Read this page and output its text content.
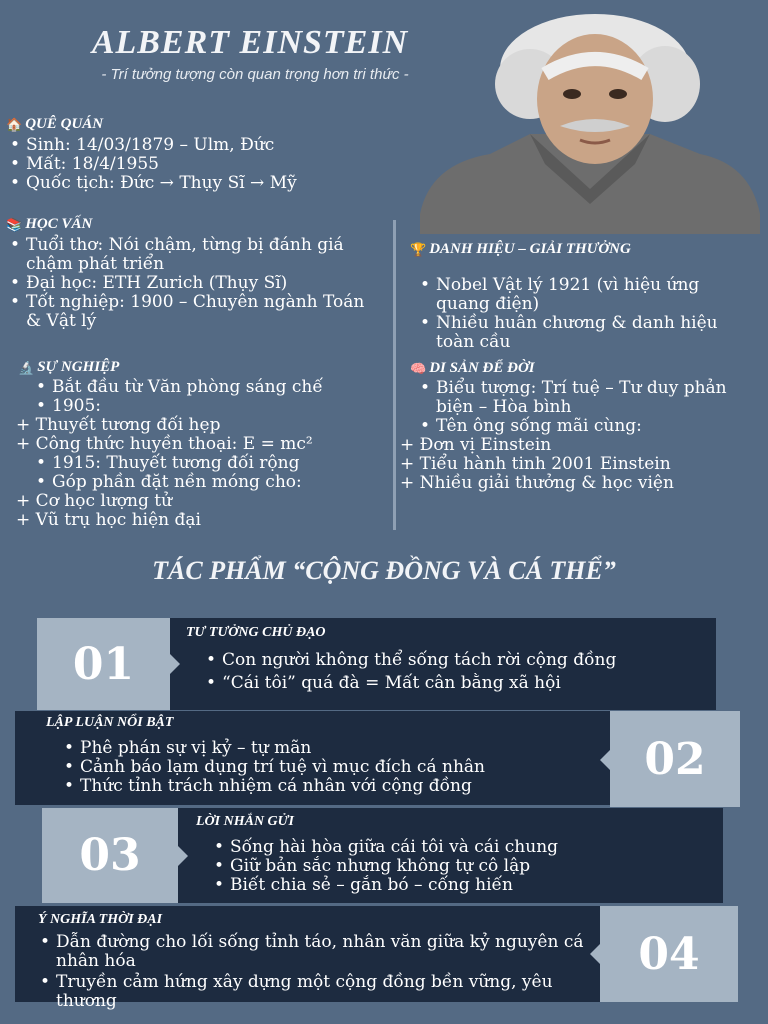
ALBERT EINSTEIN
- Trí tưởng tượng còn quan trọng hơn tri thức -
🏠 QUÊ QUÁN
• Sinh: 14/03/1879 – Ulm, Đức
• Mất: 18/4/1955
• Quốc tịch: Đức → Thụy Sĩ → Mỹ
📚 HỌC VẤN
• Tuổi thơ: Nói chậm, từng bị đánh giá chậm phát triển
• Đại học: ETH Zurich (Thụy Sĩ)
• Tốt nghiệp: 1900 – Chuyên ngành Toán & Vật lý
🔬 SỰ NGHIỆP
• Bắt đầu từ Văn phòng sáng chế
• 1905:
+ Thuyết tương đối hẹp
+ Công thức huyền thoại: E = mc²
• 1915: Thuyết tương đối rộng
• Góp phần đặt nền móng cho:
+ Cơ học lượng tử
+ Vũ trụ học hiện đại
🏆 DANH HIỆU – GIẢI THƯỞNG
• Nobel Vật lý 1921 (vì hiệu ứng quang điện)
• Nhiều huân chương & danh hiệu toàn cầu
🧠 DI SẢN ĐỂ ĐỜI
• Biểu tượng: Trí tuệ – Tư duy phản biện – Hòa bình
• Tên ông sống mãi cùng:
+ Đơn vị Einstein
+ Tiểu hành tinh 2001 Einstein
+ Nhiều giải thưởng & học viện
TÁC PHẨM “CỘNG ĐỒNG VÀ CÁ THỂ”
01
TƯ TƯỞNG CHỦ ĐẠO
• Con người không thể sống tách rời cộng đồng
• “Cái tôi” quá đà = Mất cân bằng xã hội
02
LẬP LUẬN NỔI BẬT
• Phê phán sự vị kỷ – tự mãn
• Cảnh báo lạm dụng trí tuệ vì mục đích cá nhân
• Thức tỉnh trách nhiệm cá nhân với cộng đồng
03
LỜI NHẮN GỬI
• Sống hài hòa giữa cái tôi và cái chung
• Giữ bản sắc nhưng không tự cô lập
• Biết chia sẻ – gắn bó – cống hiến
04
Ý NGHĨA THỜI ĐẠI
• Dẫn đường cho lối sống tỉnh táo, nhân văn giữa kỷ nguyên cá nhân hóa
• Truyền cảm hứng xây dựng một cộng đồng bền vững, yêu thương
